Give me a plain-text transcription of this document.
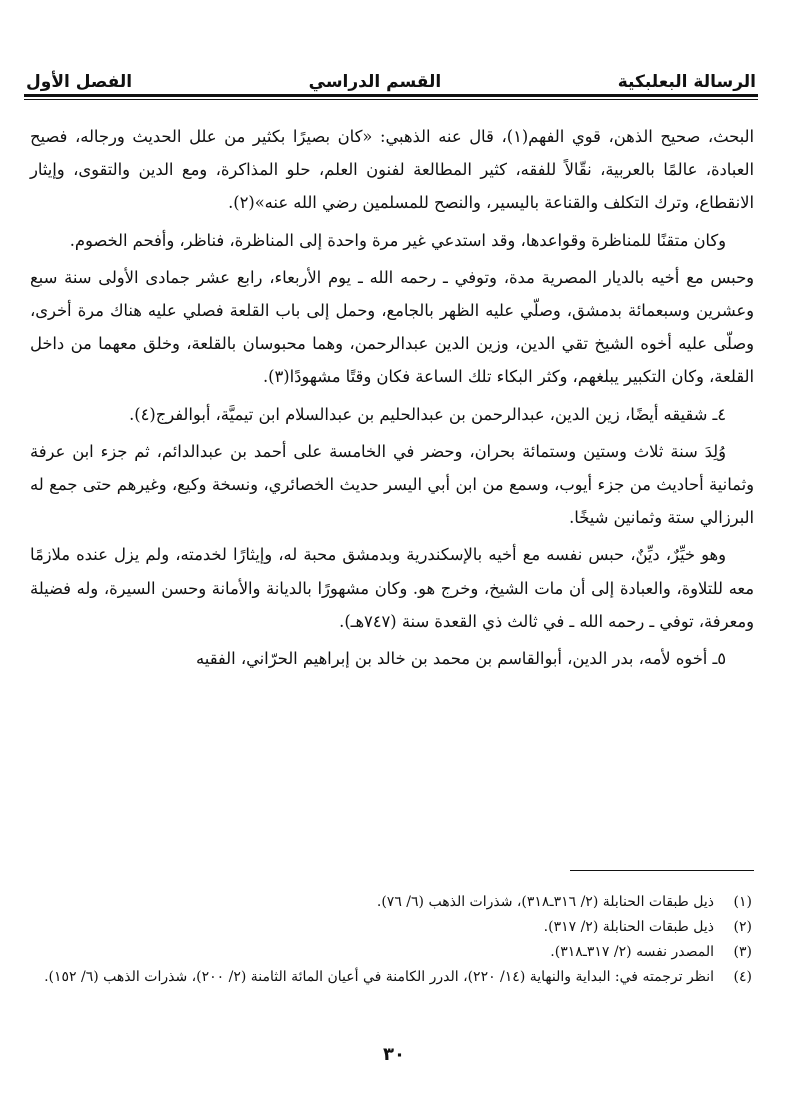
الرسالة البعلبكية
القسم الدراسي
الفصل الأول

البحث، صحيح الذهن، قوي الفهم(١)، قال عنه الذهبي: «كان بصيرًا بكثير من علل الحديث ورجاله، فصيح العبادة، عالمًا بالعربية، نقّالاً للفقه، كثير المطالعة لفنون العلم، حلو المذاكرة، ومع الدين والتقوى، وإيثار الانقطاع، وترك التكلف والقناعة باليسير، والنصح للمسلمين رضي الله عنه»(٢).

وكان متقنًا للمناظرة وقواعدها، وقد استدعي غير مرة واحدة إلى المناظرة، فناظر، وأفحم الخصوم.

وحبس مع أخيه بالديار المصرية مدة، وتوفي ـ رحمه الله ـ يوم الأربعاء، رابع عشر جمادى الأولى سنة سبع وعشرين وسبعمائة بدمشق، وصلّي عليه الظهر بالجامع، وحمل إلى باب القلعة فصلي عليه هناك مرة أخرى، وصلّى عليه أخوه الشيخ تقي الدين، وزين الدين عبدالرحمن، وهما محبوسان بالقلعة، وخلق معهما من داخل القلعة، وكان التكبير يبلغهم، وكثر البكاء تلك الساعة فكان وقتًا مشهودًا(٣).

٤ـ شقيقه أيضًا، زين الدين، عبدالرحمن بن عبدالحليم بن عبدالسلام ابن تيميَّة، أبوالفرج(٤).

وُلِدَ سنة ثلاث وستين وستمائة بحران، وحضر في الخامسة على أحمد بن عبدالدائم، ثم جزء ابن عرفة وثمانية أحاديث من جزء أيوب، وسمع من ابن أبي اليسر حديث الخصائري، ونسخة وكيع، وغيرهم حتى جمع له البرزالي ستة وثمانين شيخًا.

وهو خيِّرٌ، ديِّنٌ، حبس نفسه مع أخيه بالإسكندرية وبدمشق محبة له، وإيثارًا لخدمته، ولم يزل عنده ملازمًا معه للتلاوة، والعبادة إلى أن مات الشيخ، وخرج هو. وكان مشهورًا بالديانة والأمانة وحسن السيرة، وله فضيلة ومعرفة، توفي ـ رحمه الله ـ في ثالث ذي القعدة سنة (٧٤٧هـ).

٥ـ أخوه لأمه، بدر الدين، أبوالقاسم بن محمد بن خالد بن إبراهيم الحرّاني، الفقيه

(١)
ذيل طبقات الحنابلة (٢/ ٣١٦ـ٣١٨)، شذرات الذهب (٦/ ٧٦).
(٢)
ذيل طبقات الحنابلة (٢/ ٣١٧).
(٣)
المصدر نفسه (٢/ ٣١٧ـ٣١٨).
(٤)
انظر ترجمته في: البداية والنهاية (١٤/ ٢٢٠)، الدرر الكامنة في أعيان المائة الثامنة (٢/ ٢٠٠)، شذرات الذهب (٦/ ١٥٢).
٣٠
